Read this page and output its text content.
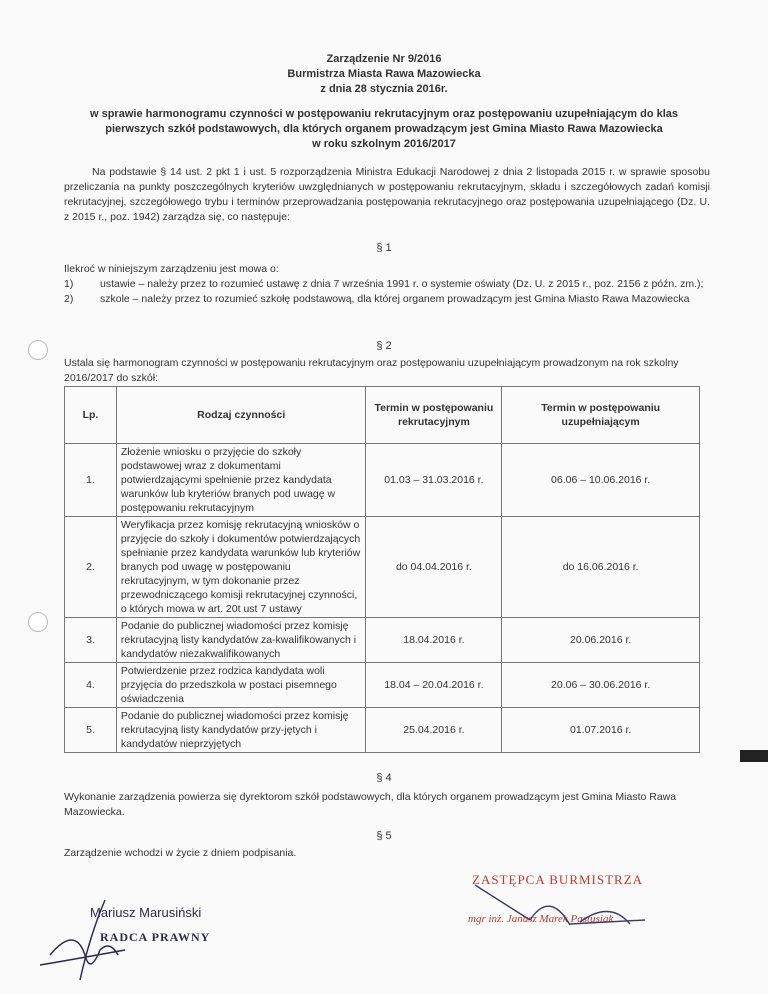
Zarządzenie Nr 9/2016
Burmistrza Miasta Rawa Mazowiecka
z dnia 28 stycznia 2016r.
w sprawie harmonogramu czynności w postępowaniu rekrutacyjnym oraz postępowaniu uzupełniającym do klas
pierwszych szkół podstawowych, dla których organem prowadzącym jest Gmina Miasto Rawa Mazowiecka
w roku szkolnym 2016/2017
Na podstawie § 14 ust. 2 pkt 1 i ust. 5 rozporządzenia Ministra Edukacji Narodowej z dnia 2 listopada 2015 r. w sprawie sposobu przeliczania na punkty poszczególnych kryteriów uwzględnianych w postępowaniu rekrutacyjnym, składu i szczegółowych zadań komisji rekrutacyjnej, szczegółowego trybu i terminów przeprowadzania postępowania rekrutacyjnego oraz postępowania uzupełniającego (Dz. U. z 2015 r., poz. 1942) zarządza się, co następuje:
§ 1
Ilekroć w niniejszym zarządzeniu jest mowa o:
1)	ustawie – należy przez to rozumieć ustawę z dnia 7 września 1991 r. o systemie oświaty (Dz. U. z 2015 r., poz. 2156 z późn. zm.);
2)	szkole – należy przez to rozumieć szkołę podstawową, dla której organem prowadzącym jest Gmina Miasto Rawa Mazowiecka
§ 2
Ustala się harmonogram czynności w postępowaniu rekrutacyjnym oraz postępowaniu uzupełniającym prowadzonym na rok szkolny 2016/2017 do szkół:
Lp.	Rodzaj czynności	Termin w postępowaniu rekrutacyjnym	Termin w postępowaniu uzupełniającym
1.	Złożenie wniosku o przyjęcie do szkoły podstawowej wraz z dokumentami potwierdzającymi spełnienie przez kandydata warunków lub kryteriów branych pod uwagę w postępowaniu rekrutacyjnym	01.03 – 31.03.2016 r.	06.06 – 10.06.2016 r.
2.	Weryfikacja przez komisję rekrutacyjną wniosków o przyjęcie do szkoły i dokumentów potwierdzających spełnianie przez kandydata warunków lub kryteriów branych pod uwagę w postępowaniu rekrutacyjnym, w tym dokonanie przez przewodniczącego komisji rekrutacyjnej czynności, o których mowa w art. 20t ust 7 ustawy	do 04.04.2016 r.	do 16.06.2016 r.
3.	Podanie do publicznej wiadomości przez komisję rekrutacyjną listy kandydatów za-kwalifikowanych i kandydatów niezakwalifikowanych	18.04.2016 r.	20.06.2016 r.
4.	Potwierdzenie przez rodzica kandydata woli przyjęcia do przedszkola w postaci pisemnego oświadczenia	18.04 – 20.04.2016 r.	20.06 – 30.06.2016 r.
5.	Podanie do publicznej wiadomości przez komisję rekrutacyjną listy kandydatów przy-jętych i kandydatów nieprzyjętych	25.04.2016 r.	01.07.2016 r.
§ 4
Wykonanie zarządzenia powierza się dyrektorom szkół podstawowych, dla których organem prowadzącym jest Gmina Miasto Rawa Mazowiecka.
§ 5
Zarządzenie wchodzi w życie z dniem podpisania.
ZASTĘPCA BURMISTRZA
mgr inż. Janusz Marek Pastusiak
Mariusz Marusiński
RADCA PRAWNY
